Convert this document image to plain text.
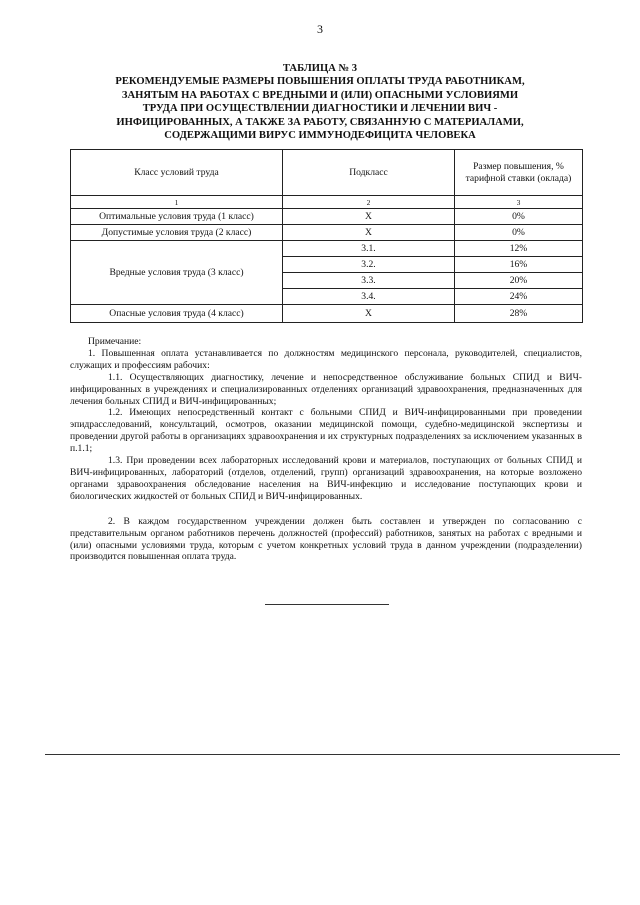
3
ТАБЛИЦА № 3
РЕКОМЕНДУЕМЫЕ РАЗМЕРЫ ПОВЫШЕНИЯ ОПЛАТЫ ТРУДА РАБОТНИКАМ,
ЗАНЯТЫМ НА РАБОТАХ С ВРЕДНЫМИ И (ИЛИ) ОПАСНЫМИ УСЛОВИЯМИ
ТРУДА ПРИ ОСУЩЕСТВЛЕНИИ ДИАГНОСТИКИ И ЛЕЧЕНИИ ВИЧ -
ИНФИЦИРОВАННЫХ, А ТАКЖЕ ЗА РАБОТУ, СВЯЗАННУЮ С МАТЕРИАЛАМИ,
СОДЕРЖАЩИМИ ВИРУС ИММУНОДЕФИЦИТА ЧЕЛОВЕКА
Класс условий труда	Подкласс	Размер повышения, % тарифной ставки (оклада)
1	2	3
Оптимальные условия труда (1 класс)	X	0%
Допустимые условия труда (2 класс)	X	0%
Вредные условия труда (3 класс)	3.1.	12%
	3.2.	16%
	3.3.	20%
	3.4.	24%
Опасные условия труда (4 класс)	X	28%

Примечание:

1. Повышенная оплата устанавливается по должностям медицинского персонала, руководителей, специалистов, служащих и профессиям рабочих:

1.1. Осуществляющих диагностику, лечение и непосредственное обслуживание больных СПИД и ВИЧ-инфицированных в учреждениях и специализированных отделениях организаций здравоохранения, предназначенных для лечения больных СПИД и ВИЧ-инфицированных;

1.2. Имеющих непосредственный контакт с больными СПИД и ВИЧ-инфицированными при проведении эпидрасследований, консультаций, осмотров, оказании медицинской помощи, судебно-медицинской экспертизы и проведении другой работы в организациях здравоохранения и их структурных подразделениях за исключением указанных в п.1.1;

1.3. При проведении всех лабораторных исследований крови и материалов, поступающих от больных СПИД и ВИЧ-инфицированных, лабораторий (отделов, отделений, групп) организаций здравоохранения, на которые возложено органами здравоохранения обследование населения на ВИЧ-инфекцию и исследование поступающих крови и биологических жидкостей от больных СПИД и ВИЧ-инфицированных.

2. В каждом государственном учреждении должен быть составлен и утвержден по согласованию с представительным органом работников перечень должностей (профессий) работников, занятых на работах с вредными и (или) опасными условиями труда, которым с учетом конкретных условий труда в данном учреждении (подразделении) производится повышенная оплата труда.
